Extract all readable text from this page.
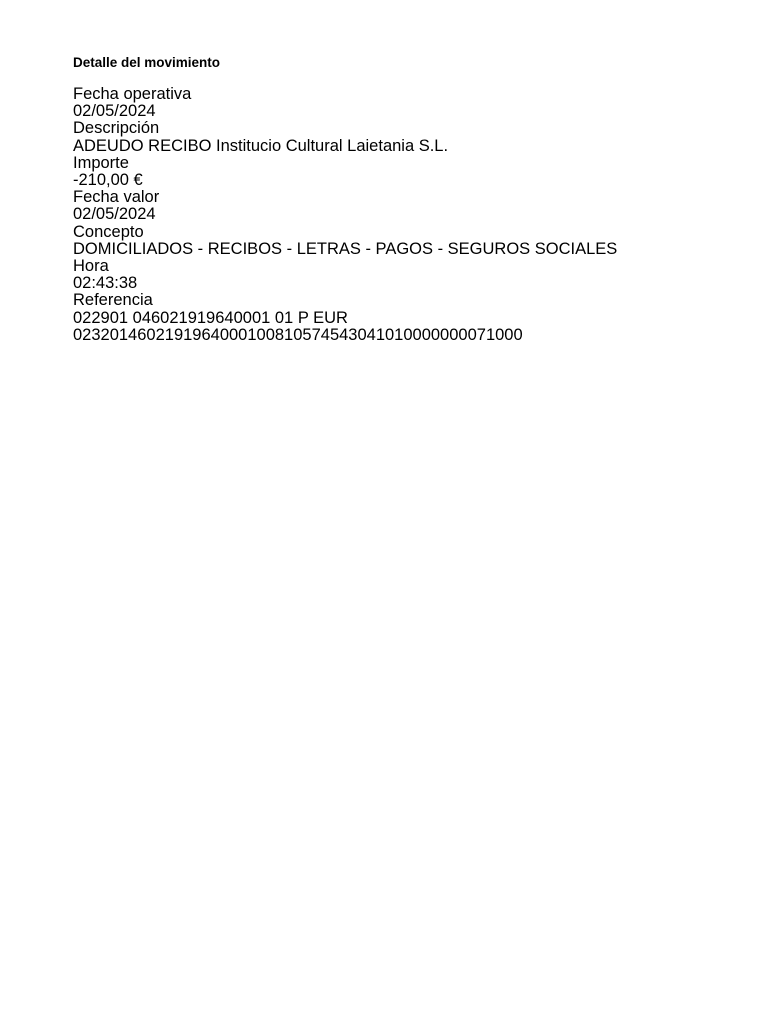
Detalle del movimiento
Fecha operativa
02/05/2024
Descripción
ADEUDO RECIBO Institucio Cultural Laietania S.L.
Importe
-210,00 €
Fecha valor
02/05/2024
Concepto
DOMICILIADOS - RECIBOS - LETRAS - PAGOS - SEGUROS SOCIALES
Hora
02:43:38
Referencia
022901 046021919640001 01 P EUR
0232014602191964000100810574543041010000000071000
